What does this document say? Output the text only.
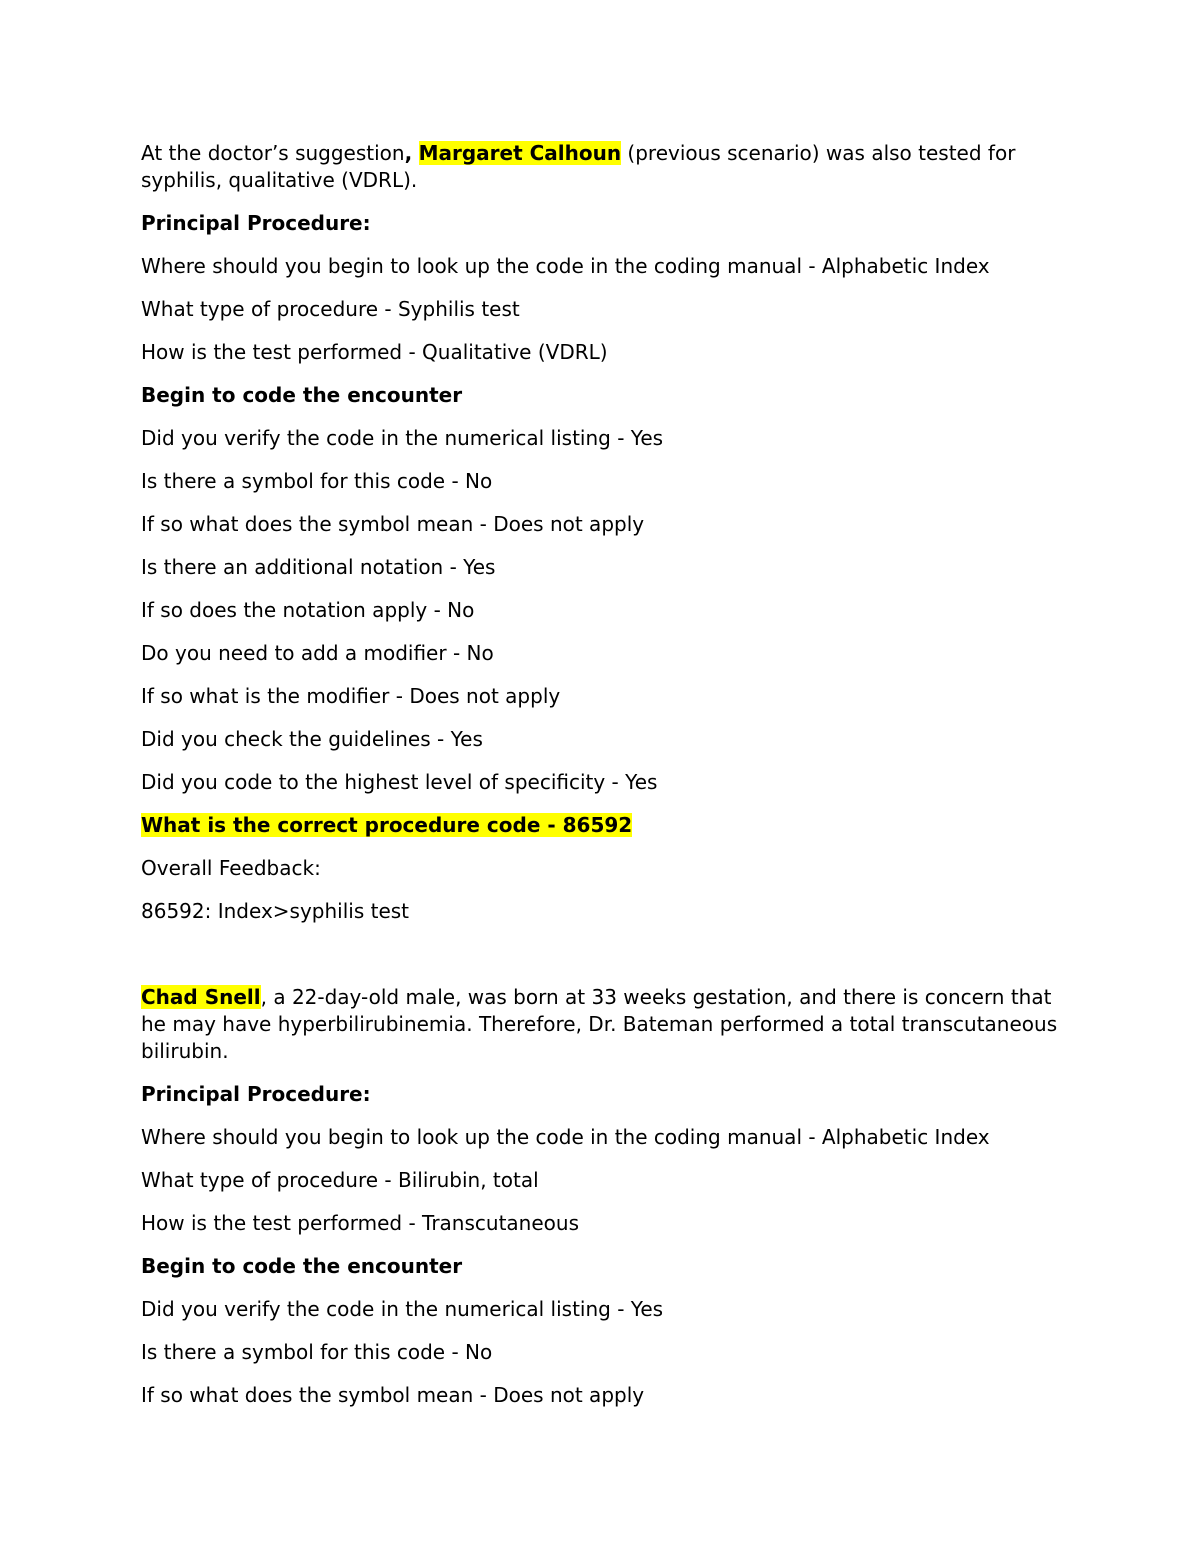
At the doctor’s suggestion, Margaret Calhoun (previous scenario) was also tested for syphilis, qualitative (VDRL).

Principal Procedure:

Where should you begin to look up the code in the coding manual - Alphabetic Index

What type of procedure - Syphilis test

How is the test performed - Qualitative (VDRL)

Begin to code the encounter

Did you verify the code in the numerical listing - Yes

Is there a symbol for this code - No

If so what does the symbol mean - Does not apply

Is there an additional notation - Yes

If so does the notation apply - No

Do you need to add a modifier - No

If so what is the modifier - Does not apply

Did you check the guidelines - Yes

Did you code to the highest level of specificity - Yes

What is the correct procedure code - 86592

Overall Feedback:

86592: Index>syphilis test

Chad Snell, a 22-day-old male, was born at 33 weeks gestation, and there is concern that he may have hyperbilirubinemia. Therefore, Dr. Bateman performed a total transcutaneous bilirubin.

Principal Procedure:

Where should you begin to look up the code in the coding manual - Alphabetic Index

What type of procedure - Bilirubin, total

How is the test performed - Transcutaneous

Begin to code the encounter

Did you verify the code in the numerical listing - Yes

Is there a symbol for this code - No

If so what does the symbol mean - Does not apply
